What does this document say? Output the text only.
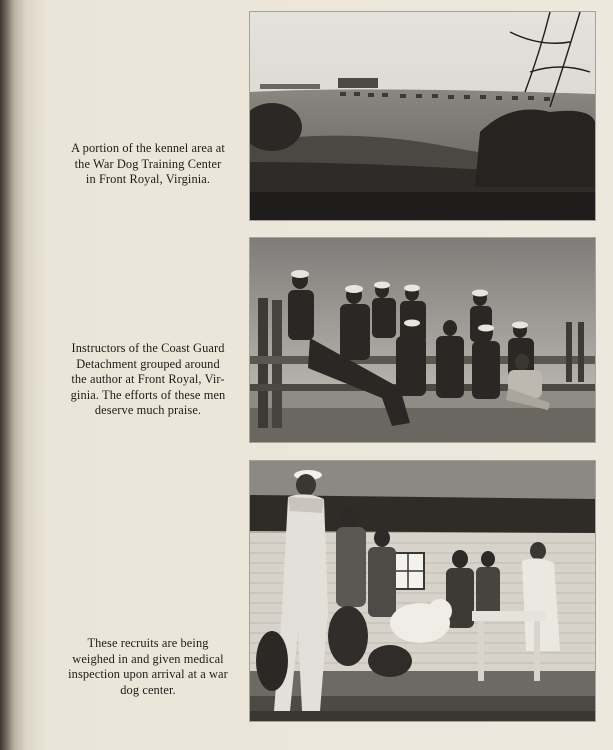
A portion of the kennel area at
the War Dog Training Center
in Front Royal, Virginia.
Instructors of the Coast Guard
Detachment grouped around
the author at Front Royal, Vir-
ginia. The efforts of these men
deserve much praise.
These recruits are being
weighed in and given medical
inspection upon arrival at a war
dog center.
